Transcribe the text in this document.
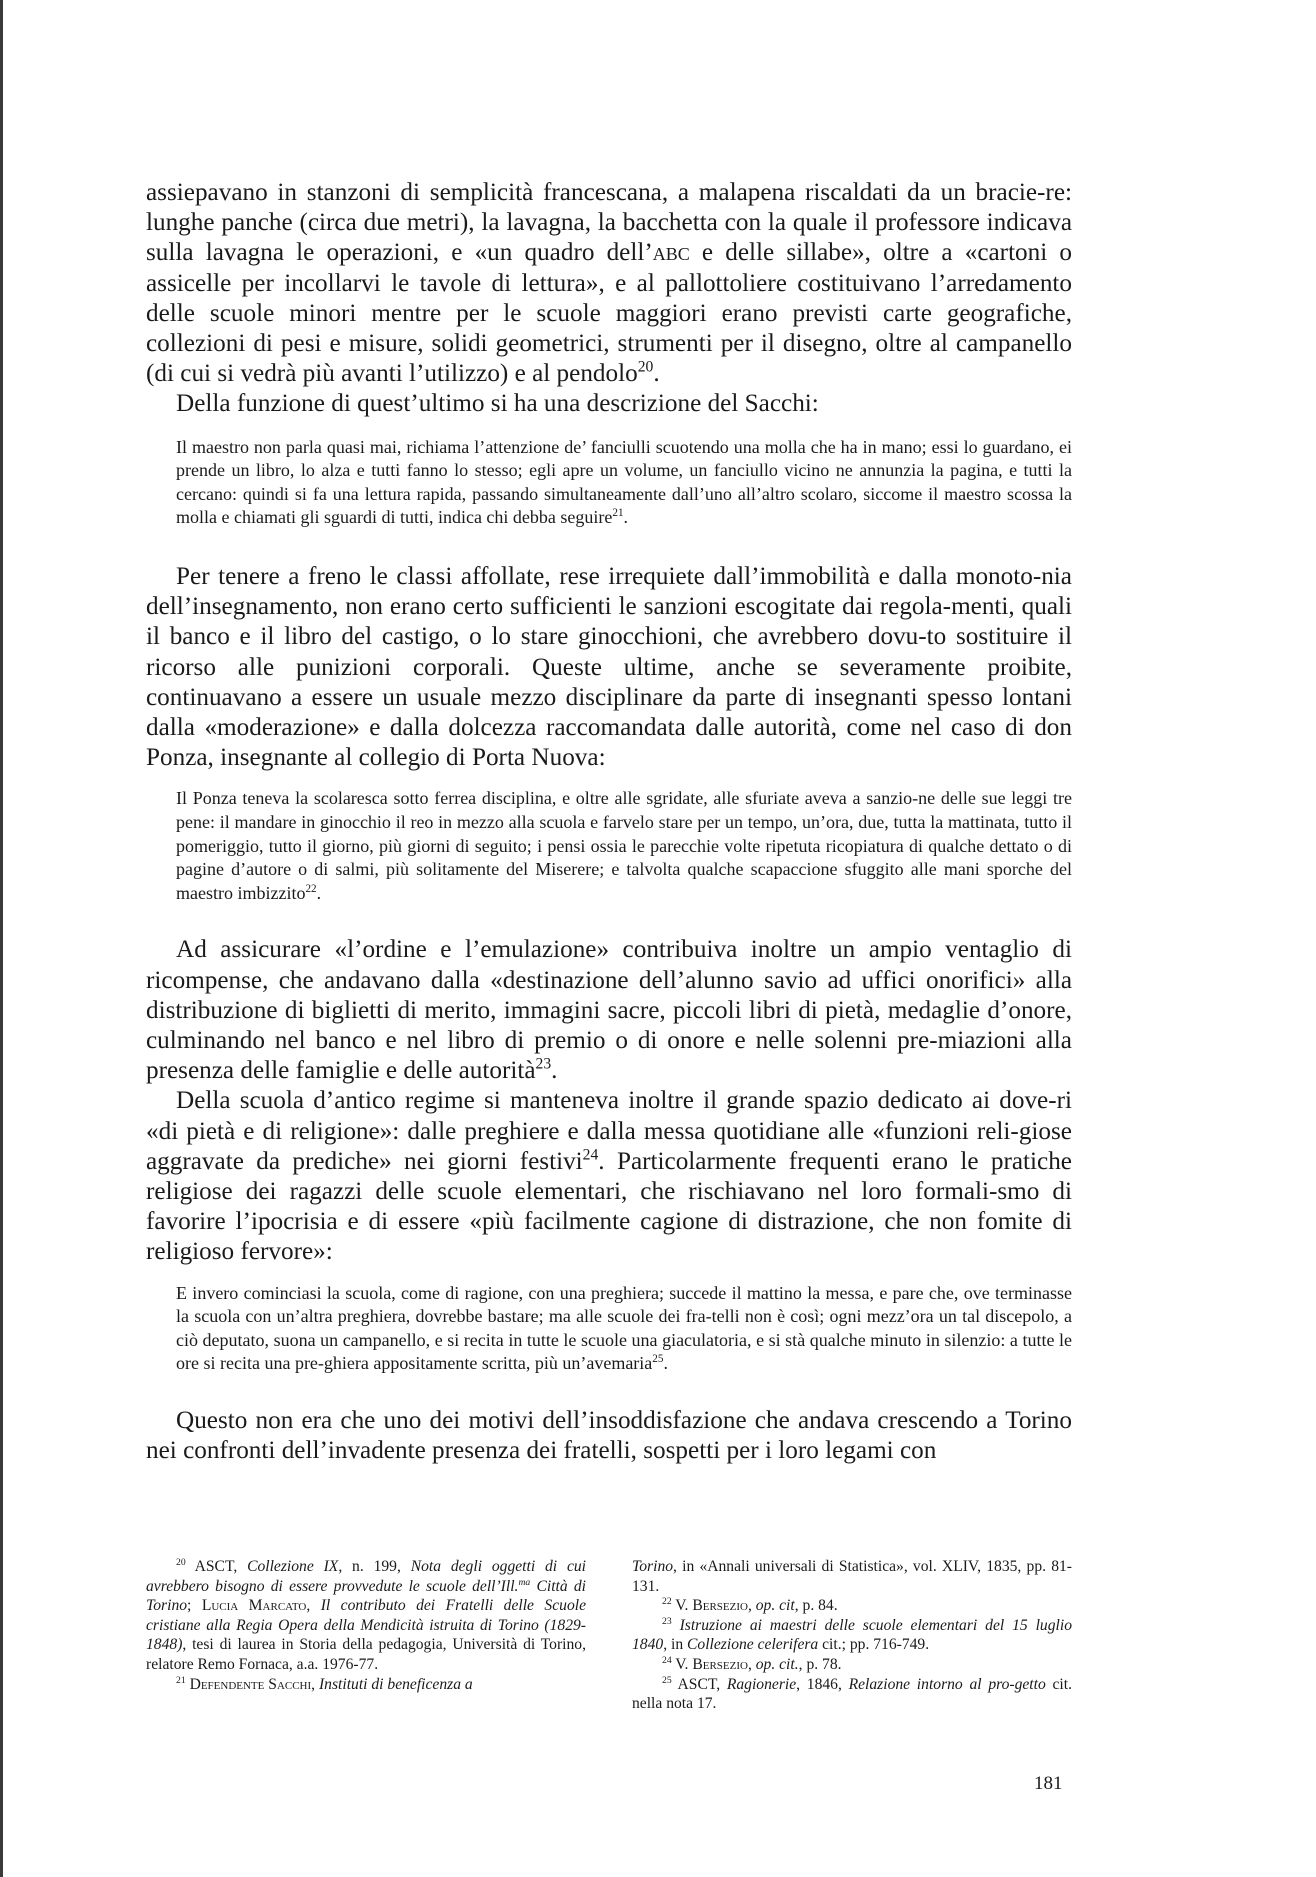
assiepavano in stanzoni di semplicità francescana, a malapena riscaldati da un bracie-re: lunghe panche (circa due metri), la lavagna, la bacchetta con la quale il professore indicava sulla lavagna le operazioni, e «un quadro dell’abc e delle sillabe», oltre a «cartoni o assicelle per incollarvi le tavole di lettura», e al pallottoliere costituivano l’arredamento delle scuole minori mentre per le scuole maggiori erano previsti carte geografiche, collezioni di pesi e misure, solidi geometrici, strumenti per il disegno, oltre al campanello (di cui si vedrà più avanti l’utilizzo) e al pendolo$^{20}$.

Della funzione di quest’ultimo si ha una descrizione del Sacchi:

Il maestro non parla quasi mai, richiama l’attenzione de’ fanciulli scuotendo una molla che ha in mano; essi lo guardano, ei prende un libro, lo alza e tutti fanno lo stesso; egli apre un volume, un fanciullo vicino ne annunzia la pagina, e tutti la cercano: quindi si fa una lettura rapida, passando simultaneamente dall’uno all’altro scolaro, siccome il maestro scossa la molla e chiamati gli sguardi di tutti, indica chi debba seguire$^{21}$.

Per tenere a freno le classi affollate, rese irrequiete dall’immobilità e dalla monoto-nia dell’insegnamento, non erano certo sufficienti le sanzioni escogitate dai regola-menti, quali il banco e il libro del castigo, o lo stare ginocchioni, che avrebbero dovu-to sostituire il ricorso alle punizioni corporali. Queste ultime, anche se severamente proibite, continuavano a essere un usuale mezzo disciplinare da parte di insegnanti spesso lontani dalla «moderazione» e dalla dolcezza raccomandata dalle autorità, come nel caso di don Ponza, insegnante al collegio di Porta Nuova:

Il Ponza teneva la scolaresca sotto ferrea disciplina, e oltre alle sgridate, alle sfuriate aveva a sanzio-ne delle sue leggi tre pene: il mandare in ginocchio il reo in mezzo alla scuola e farvelo stare per un tempo, un’ora, due, tutta la mattinata, tutto il pomeriggio, tutto il giorno, più giorni di seguito; i pensi ossia le parecchie volte ripetuta ricopiatura di qualche dettato o di pagine d’autore o di salmi, più solitamente del Miserere; e talvolta qualche scapaccione sfuggito alle mani sporche del maestro imbizzito$^{22}$.

Ad assicurare «l’ordine e l’emulazione» contribuiva inoltre un ampio ventaglio di ricompense, che andavano dalla «destinazione dell’alunno savio ad uffici onorifici» alla distribuzione di biglietti di merito, immagini sacre, piccoli libri di pietà, medaglie d’onore, culminando nel banco e nel libro di premio o di onore e nelle solenni pre-miazioni alla presenza delle famiglie e delle autorità$^{23}$.

Della scuola d’antico regime si manteneva inoltre il grande spazio dedicato ai dove-ri «di pietà e di religione»: dalle preghiere e dalla messa quotidiane alle «funzioni reli-giose aggravate da prediche» nei giorni festivi$^{24}$. Particolarmente frequenti erano le pratiche religiose dei ragazzi delle scuole elementari, che rischiavano nel loro formali-smo di favorire l’ipocrisia e di essere «più facilmente cagione di distrazione, che non fomite di religioso fervore»:

E invero cominciasi la scuola, come di ragione, con una preghiera; succede il mattino la messa, e pare che, ove terminasse la scuola con un’altra preghiera, dovrebbe bastare; ma alle scuole dei fra-telli non è così; ogni mezz’ora un tal discepolo, a ciò deputato, suona un campanello, e si recita in tutte le scuole una giaculatoria, e si stà qualche minuto in silenzio: a tutte le ore si recita una pre-ghiera appositamente scritta, più un’avemaria$^{25}$.

Questo non era che uno dei motivi dell’insoddisfazione che andava crescendo a Torino nei confronti dell’invadente presenza dei fratelli, sospetti per i loro legami con

$^{20}$ ASCT, Collezione IX, n. 199, Nota degli oggetti di cui avrebbero bisogno di essere provvedute le scuole dell’Ill.$^{ma}$ Città di Torino; Lucia Marcato, Il contributo dei Fratelli delle Scuole cristiane alla Regia Opera della Mendicità istruita di Torino (1829-1848), tesi di laurea in Storia della pedagogia, Università di Torino, relatore Remo Fornaca, a.a. 1976-77.

$^{21}$ Defendente Sacchi, Instituti di beneficenza a

Torino, in «Annali universali di Statistica», vol. XLIV, 1835, pp. 81-131.

$^{22}$ V. Bersezio, op. cit, p. 84.

$^{23}$ Istruzione ai maestri delle scuole elementari del 15 luglio 1840, in Collezione celerifera cit.; pp. 716-749.

$^{24}$ V. Bersezio, op. cit., p. 78.

$^{25}$ ASCT, Ragionerie, 1846, Relazione intorno al pro-getto cit. nella nota 17.

181
